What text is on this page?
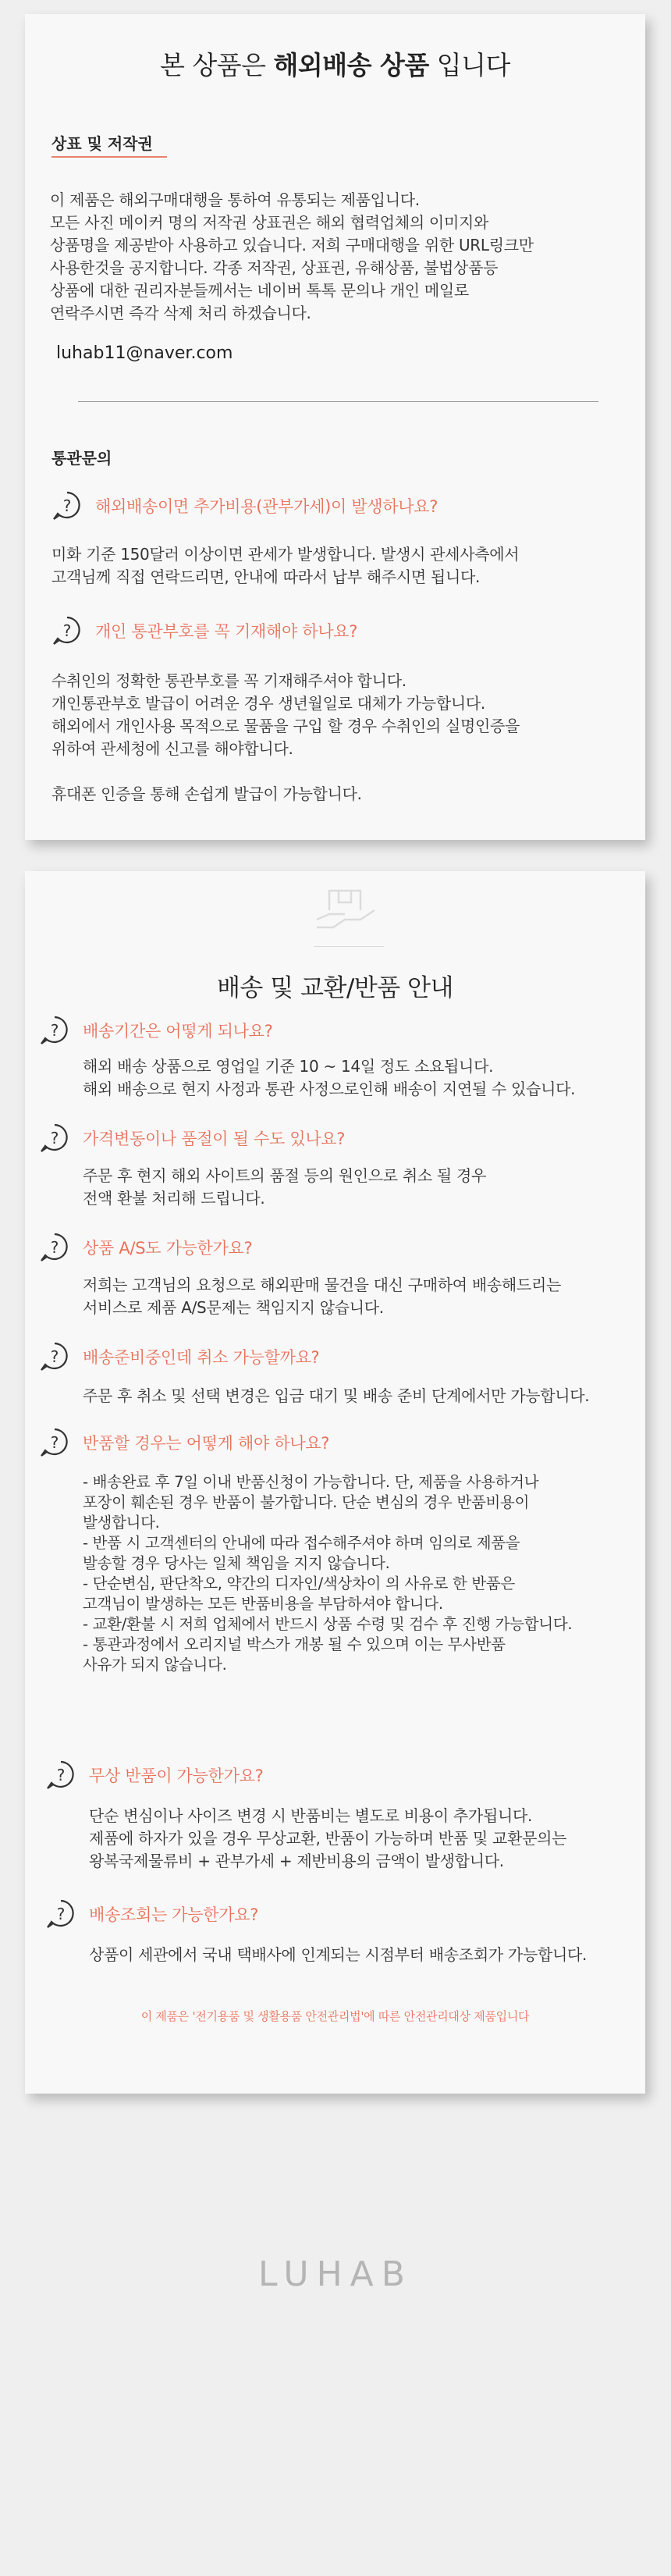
본 상품은 해외배송 상품 입니다
상표 및 저작권
이 제품은 해외구매대행을 통하여 유통되는 제품입니다.
모든 사진 메이커 명의 저작권 상표권은 해외 협력업체의 이미지와
상품명을 제공받아 사용하고 있습니다. 저희 구매대행을 위한 URL링크만
사용한것을 공지합니다. 각종 저작권, 상표권, 유해상품, 불법상품등
상품에 대한 권리자분들께서는 네이버 톡톡 문의나 개인 메일로
연락주시면 즉각 삭제 처리 하겠습니다.
luhab11@naver.com
통관문의
? 해외배송이면 추가비용(관부가세)이 발생하나요?
미화 기준 150달러 이상이면 관세가 발생합니다. 발생시 관세사측에서
고객님께 직접 연락드리면, 안내에 따라서 납부 해주시면 됩니다.
? 개인 통관부호를 꼭 기재해야 하나요?
수취인의 정확한 통관부호를 꼭 기재해주셔야 합니다.
개인통관부호 발급이 어려운 경우 생년월일로 대체가 가능합니다.
해외에서 개인사용 목적으로 물품을 구입 할 경우 수취인의 실명인증을
위하여 관세청에 신고를 해야합니다.

휴대폰 인증을 통해 손쉽게 발급이 가능합니다.
배송 및 교환/반품 안내
? 배송기간은 어떻게 되나요?
해외 배송 상품으로 영업일 기준 10 ~ 14일 정도 소요됩니다.
해외 배송으로 현지 사정과 통관 사정으로인해 배송이 지연될 수 있습니다.
? 가격변동이나 품절이 될 수도 있나요?
주문 후 현지 해외 사이트의 품절 등의 원인으로 취소 될 경우
전액 환불 처리해 드립니다.
? 상품 A/S도 가능한가요?
저희는 고객님의 요청으로 해외판매 물건을 대신 구매하여 배송해드리는
서비스로 제품 A/S문제는 책임지지 않습니다.
? 배송준비중인데 취소 가능할까요?
주문 후 취소 및 선택 변경은 입금 대기 및 배송 준비 단계에서만 가능합니다.
? 반품할 경우는 어떻게 해야 하나요?
- 배송완료 후 7일 이내 반품신청이 가능합니다. 단, 제품을 사용하거나
포장이 훼손된 경우 반품이 불가합니다. 단순 변심의 경우 반품비용이
발생합니다.
- 반품 시 고객센터의 안내에 따라 접수해주셔야 하며 임의로 제품을
발송할 경우 당사는 일체 책임을 지지 않습니다.
- 단순변심, 판단착오, 약간의 디자인/색상차이 의 사유로 한 반품은
고객님이 발생하는 모든 반품비용을 부담하셔야 합니다.
- 교환/환불 시 저희 업체에서 반드시 상품 수령 및 검수 후 진행 가능합니다.
- 통관과정에서 오리지널 박스가 개봉 될 수 있으며 이는 무사반품
사유가 되지 않습니다.
? 무상 반품이 가능한가요?
단순 변심이나 사이즈 변경 시 반품비는 별도로 비용이 추가됩니다.
제품에 하자가 있을 경우 무상교환, 반품이 가능하며 반품 및 교환문의는
왕복국제물류비 + 관부가세 + 제반비용의 금액이 발생합니다.
? 배송조회는 가능한가요?
상품이 세관에서 국내 택배사에 인계되는 시점부터 배송조회가 가능합니다.
이 제품은 '전기용품 및 생활용품 안전관리법'에 따른 안전관리대상 제품입니다
LUHAB
